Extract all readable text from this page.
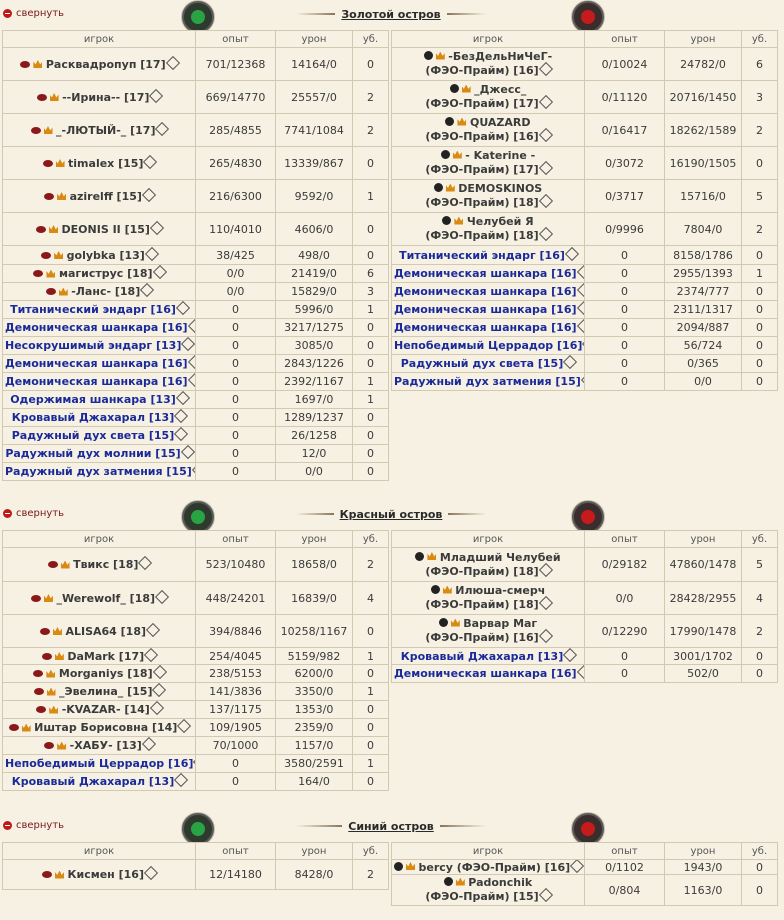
свернуть	Золотой остров
игрок	опыт	урон	уб.

Расквадропуп [17]	701/12368	14164/0	0

--Ирина-- [17]	669/14770	25557/0	2

_-ЛЮТЫЙ-_ [17]	285/4855	7741/1084	2

timalex [15]	265/4830	13339/867	0

azirelff [15]	216/6300	9592/0	1

DEONIS II [15]	110/4010	4606/0	0

golybka [13]	38/425	498/0	0

магиструс [18]	0/0	21419/0	6

-Ланс- [18]	0/0	15829/0	3
Титанический эндарг [16]	0	5996/0	1
Демоническая шанкара [16]	0	3217/1275	0
Несокрушимый эндарг [13]	0	3085/0	0
Демоническая шанкара [16]	0	2843/1226	0
Демоническая шанкара [16]	0	2392/1167	1
Одержимая шанкара [13]	0	1697/0	1
Кровавый Джахарал [13]	0	1289/1237	0
Радужный дух света [15]	0	26/1258	0
Радужный дух молнии [15]	0	12/0	0
Радужный дух затмения [15]	0	0/0	0
игрок	опыт	урон	уб.

-БезДельНиЧеГ-
(ФЭО-Прайм) [16]	0/10024	24782/0	6

_Джесс_
(ФЭО-Прайм) [17]	0/11120	20716/1450	3

QUAZARD
(ФЭО-Прайм) [16]	0/16417	18262/1589	2

- Katerine -
(ФЭО-Прайм) [17]	0/3072	16190/1505	0

DEMOSKINOS
(ФЭО-Прайм) [18]	0/3717	15716/0	5

Челубей Я
(ФЭО-Прайм) [18]	0/9996	7804/0	2
Титанический эндарг [16]	0	8158/1786	0
Демоническая шанкара [16]	0	2955/1393	1
Демоническая шанкара [16]	0	2374/777	0
Демоническая шанкара [16]	0	2311/1317	0
Демоническая шанкара [16]	0	2094/887	0
Непобедимый Церрадор [16]	0	56/724	0
Радужный дух света [15]	0	0/365	0
Радужный дух затмения [15]	0	0/0	0
свернуть	Красный остров
игрок	опыт	урон	уб.

Твикс [18]	523/10480	18658/0	2

_Werewolf_ [18]	448/24201	16839/0	4

ALISA64 [18]	394/8846	10258/1167	0

DaMark [17]	254/4045	5159/982	1

Morganiys [18]	238/5153	6200/0	0

_Эвелина_ [15]	141/3836	3350/0	1

-KVAZAR- [14]	137/1175	1353/0	0

Иштар Борисовна [14]	109/1905	2359/0	0

-ХАБУ- [13]	70/1000	1157/0	0
Непобедимый Церрадор [16]	0	3580/2591	1
Кровавый Джахарал [13]	0	164/0	0
игрок	опыт	урон	уб.

Младший Челубей
(ФЭО-Прайм) [18]	0/29182	47860/1478	5

Илюша-смерч
(ФЭО-Прайм) [18]	0/0	28428/2955	4

Варвар Маг
(ФЭО-Прайм) [16]	0/12290	17990/1478	2
Кровавый Джахарал [13]	0	3001/1702	0
Демоническая шанкара [16]	0	502/0	0
свернуть	Синий остров
игрок	опыт	урон	уб.

Кисмен [16]	12/14180	8428/0	2
игрок	опыт	урон	уб.

bercy (ФЭО-Прайм) [16]	0/1102	1943/0	0

Padonchik
(ФЭО-Прайм) [15]	0/804	1163/0	0
